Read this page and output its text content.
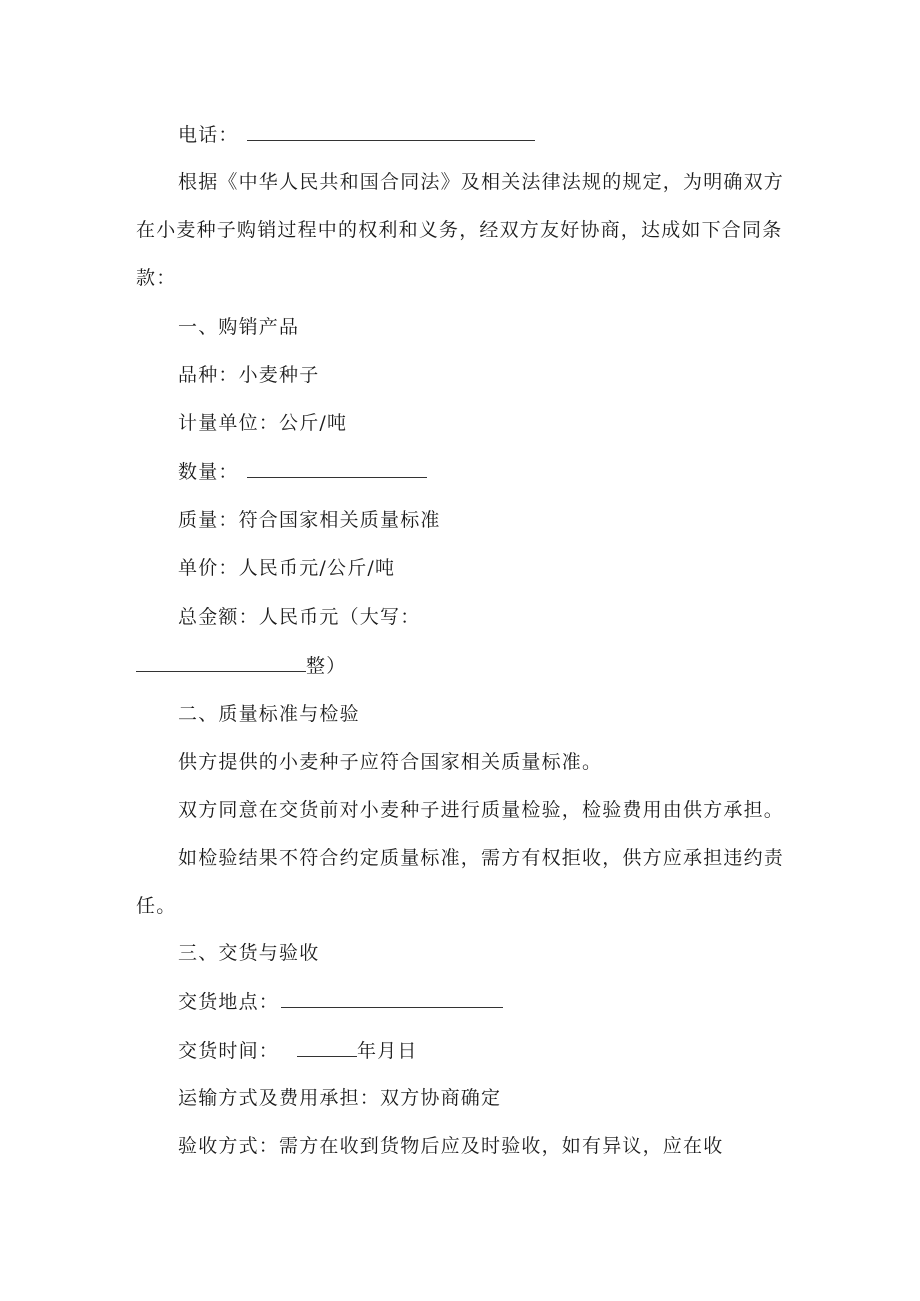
电话：
根据《中华人民共和国合同法》及相关法律法规的规定，为明确双方
在小麦种子购销过程中的权利和义务，经双方友好协商，达成如下合同条
款：
一、购销产品
品种：小麦种子
计量单位：公斤/吨
数量：
质量：符合国家相关质量标准
单价：人民币元/公斤/吨
总金额：人民币元（大写：
整）
二、质量标准与检验
供方提供的小麦种子应符合国家相关质量标准。
双方同意在交货前对小麦种子进行质量检验，检验费用由供方承担。
如检验结果不符合约定质量标准，需方有权拒收，供方应承担违约责
任。
三、交货与验收
交货地点：
交货时间：	年月日
运输方式及费用承担：双方协商确定
验收方式：需方在收到货物后应及时验收，如有异议，应在收
